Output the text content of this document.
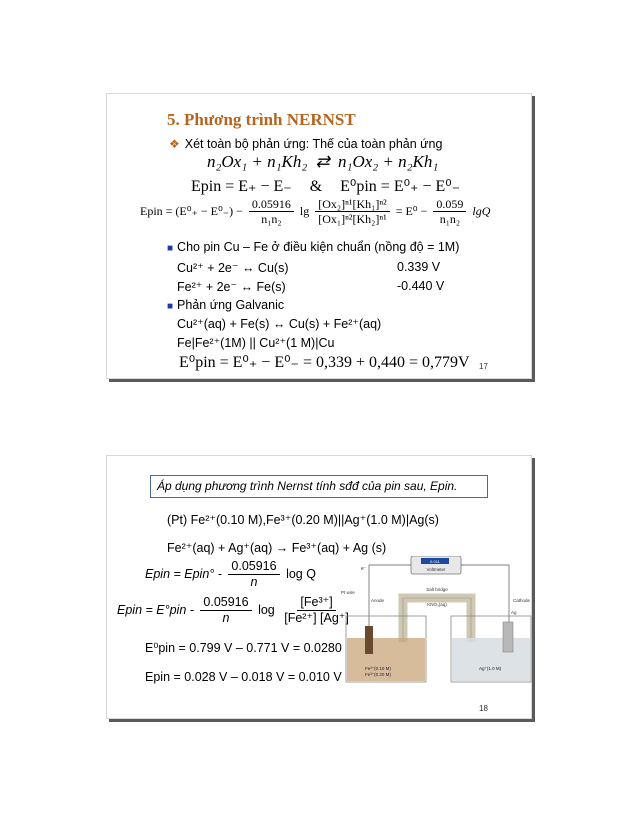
5. Phương trình NERNST
❖ Xét toàn bộ phản ứng: Thế của toàn phản ứng
n₂Ox₁ + n₁Kh₂ ⇄ n₁Ox₂ + n₂Kh₁
Epin = E₊ − E₋ & E⁰pin = E⁰₊ − E⁰₋
Epin = $(E^0_+ - E^0_-) - \frac{0.05916}{\text{n₁n₂}}$ $\lg \frac{\text{[Ox₂]ⁿ¹[Kh₁]ⁿ²}}{\text{[Ox₁]ⁿ²[Kh₂]ⁿ¹}} = E^0 - \frac{0.059}{\text{n₁n₂}}$ lgQ
■ Cho pin Cu – Fe ở điều kiện chuẩn (nồng độ = 1M)
Cu²⁺ + 2e⁻ ↔ Cu(s)	0.339 V
Fe²⁺ + 2e⁻ ↔ Fe(s)	-0.440 V
■ Phản ứng Galvanic
Cu²⁺(aq) + Fe(s) ↔ Cu(s) + Fe²⁺(aq)
Fe|Fe²⁺(1M) || Cu²⁺(1 M)|Cu
E⁰pin = E⁰₊ − E⁰₋ = 0,339 + 0,440 = 0,779V 17
Áp dụng phương trình Nernst tính sđđ của pin sau, Epin.
(Pt) Fe²⁺(0.10 M),Fe³⁺(0.20 M)||Ag⁺(1.0 M)|Ag(s)
Fe²⁺(aq) + Ag⁺(aq) → Fe³⁺(aq) + Ag (s)
Epin = Epin° - $\frac{0.05916}{n}$ log Q
Epin = $E^\circ pin - \frac{0.05916}{n}$ $\log \frac{\text{[Fe³⁺]}}{\text{[Fe²⁺] [Ag⁺]}}$
E⁰pin = 0.799 V – 0.771 V = 0.0280
Epin = 0.028 V – 0.018 V = 0.010 V
18
0.011
Voltmeter
e⁻
Salt bridge
KNO₃(aq)
Pt wire
Anode	Cathode
Ag
Fe²⁺(0.10 M)
Fe³⁺(0.20 M)
Ag⁺(1.0 M)
